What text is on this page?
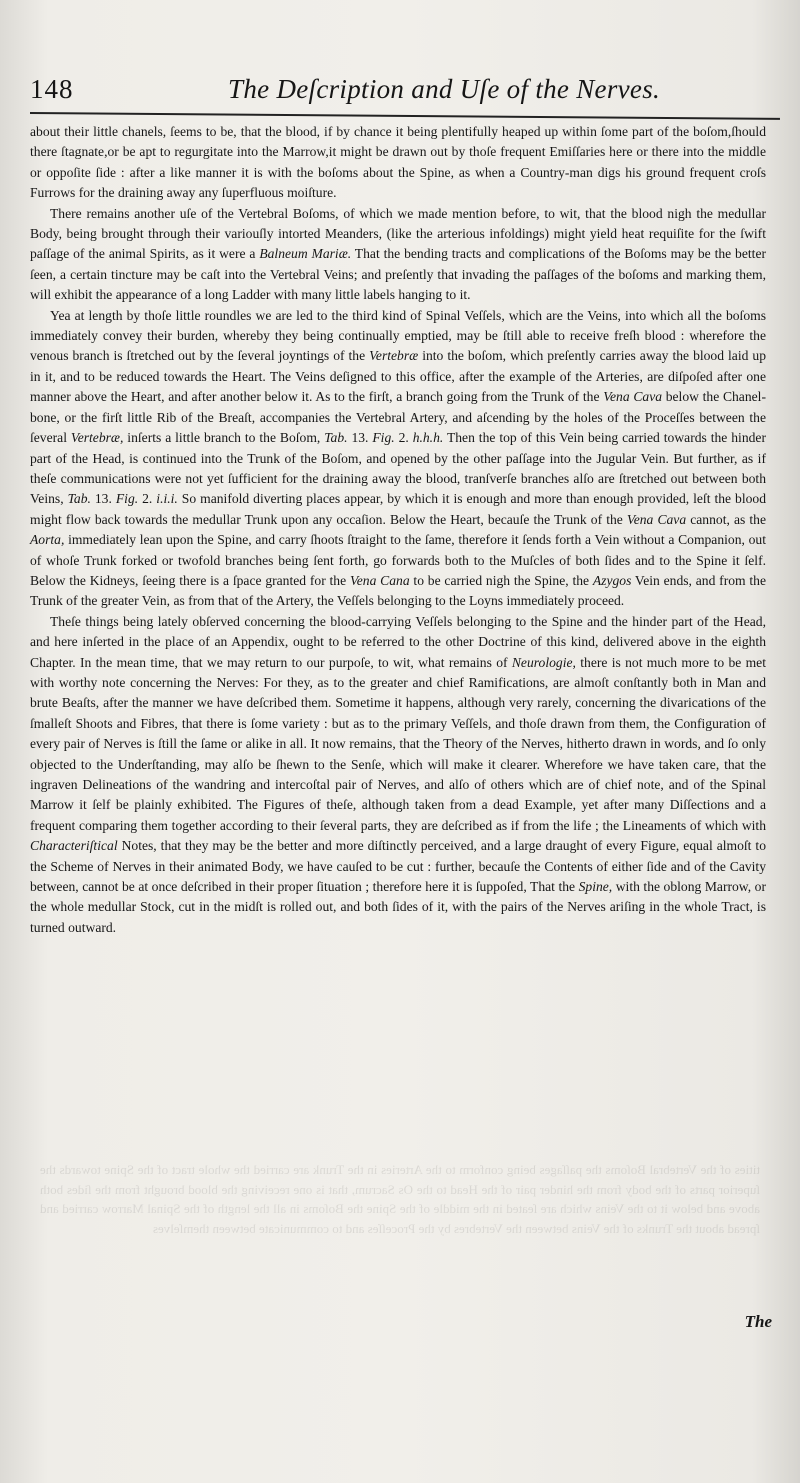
148	The Deſcription and Uſe of the Nerves.

about their little chanels, ſeems to be, that the blood, if by chance it being plentifully heaped up within ſome part of the boſom,ſhould there ſtagnate,or be apt to regurgitate into the Marrow,it might be drawn out by thoſe frequent Emiſſaries here or there into the middle or oppoſite ſide : after a like manner it is with the boſoms about the Spine, as when a Country-man digs his ground frequent croſs Furrows for the draining away any ſuperfluous moiſture.

There remains another uſe of the Vertebral Boſoms, of which we made mention before, to wit, that the blood nigh the medullar Body, being brought through their variouſly intorted Meanders, (like the arterious infoldings) might yield heat requiſite for the ſwift paſſage of the animal Spirits, as it were a Balneum Mariæ. That the bending tracts and complications of the Boſoms may be the better ſeen, a certain tincture may be caſt into the Vertebral Veins; and preſently that invading the paſſages of the boſoms and marking them, will exhibit the appearance of a long Ladder with many little labels hanging to it.

Yea at length by thoſe little roundles we are led to the third kind of Spinal Veſſels, which are the Veins, into which all the boſoms immediately convey their burden, whereby they being continually emptied, may be ſtill able to receive freſh blood : wherefore the venous branch is ſtretched out by the ſeveral joyntings of the Vertebræ into the boſom, which preſently carries away the blood laid up in it, and to be reduced towards the Heart. The Veins deſigned to this office, after the example of the Arteries, are diſpoſed after one manner above the Heart, and after another below it. As to the firſt, a branch going from the Trunk of the Vena Cava below the Chanel-bone, or the firſt little Rib of the Breaſt, accompanies the Vertebral Artery, and aſcending by the holes of the Proceſſes between the ſeveral Vertebræ, inſerts a little branch to the Boſom, Tab. 13. Fig. 2. h.h.h. Then the top of this Vein being carried towards the hinder part of the Head, is continued into the Trunk of the Boſom, and opened by the other paſſage into the Jugular Vein. But further, as if theſe communications were not yet ſufficient for the draining away the blood, tranſverſe branches alſo are ſtretched out between both Veins, Tab. 13. Fig. 2. i.i.i. So manifold diverting places appear, by which it is enough and more than enough provided, leſt the blood might flow back towards the medullar Trunk upon any occaſion. Below the Heart, becauſe the Trunk of the Vena Cava cannot, as the Aorta, immediately lean upon the Spine, and carry ſhoots ſtraight to the ſame, therefore it ſends forth a Vein without a Companion, out of whoſe Trunk forked or twofold branches being ſent forth, go forwards both to the Muſcles of both ſides and to the Spine it ſelf. Below the Kidneys, ſeeing there is a ſpace granted for the Vena Cana to be carried nigh the Spine, the Azygos Vein ends, and from the Trunk of the greater Vein, as from that of the Artery, the Veſſels belonging to the Loyns immediately proceed.

Theſe things being lately obſerved concerning the blood-carrying Veſſels belonging to the Spine and the hinder part of the Head, and here inſerted in the place of an Appendix, ought to be referred to the other Doctrine of this kind, delivered above in the eighth Chapter. In the mean time, that we may return to our purpoſe, to wit, what remains of Neurologie, there is not much more to be met with worthy note concerning the Nerves: For they, as to the greater and chief Ramifications, are almoſt conſtantly both in Man and brute Beaſts, after the manner we have deſcribed them. Sometime it happens, although very rarely, concerning the divarications of the ſmalleſt Shoots and Fibres, that there is ſome variety : but as to the primary Veſſels, and thoſe drawn from them, the Configuration of every pair of Nerves is ſtill the ſame or alike in all. It now remains, that the Theory of the Nerves, hitherto drawn in words, and ſo only objected to the Underſtanding, may alſo be ſhewn to the Senſe, which will make it clearer. Wherefore we have taken care, that the ingraven Delineations of the wandring and intercoſtal pair of Nerves, and alſo of others which are of chief note, and of the Spinal Marrow it ſelf be plainly exhibited. The Figures of theſe, although taken from a dead Example, yet after many Diſſections and a frequent comparing them together according to their ſeveral parts, they are deſcribed as if from the life ; the Lineaments of which with Characteriſtical Notes, that they may be the better and more diſtinctly perceived, and a large draught of every Figure, equal almoſt to the Scheme of Nerves in their animated Body, we have cauſed to be cut : further, becauſe the Contents of either ſide and of the Cavity between, cannot be at once deſcribed in their proper ſituation ; therefore here it is ſuppoſed, That the Spine, with the oblong Marrow, or the whole medullar Stock, cut in the midſt is rolled out, and both ſides of it, with the pairs of the Nerves ariſing in the whole Tract, is turned outward.

tities of the Vertebral Boſoms the paſſages being conform to the Arteries in the Trunk are carried the whole tract of the Spine towards the ſuperior parts of the body from the hinder pair of the Head to the Os Sacrum, that is one receiving the blood brought from the ſides both above and below it to the Veins which are ſeated in the middle of the Spine the Boſoms in all the length of the Spinal Marrow carried and ſpread about the Trunks of the Veins between the Vertebres by the Proceſſes and to communicate between themſelves
The
